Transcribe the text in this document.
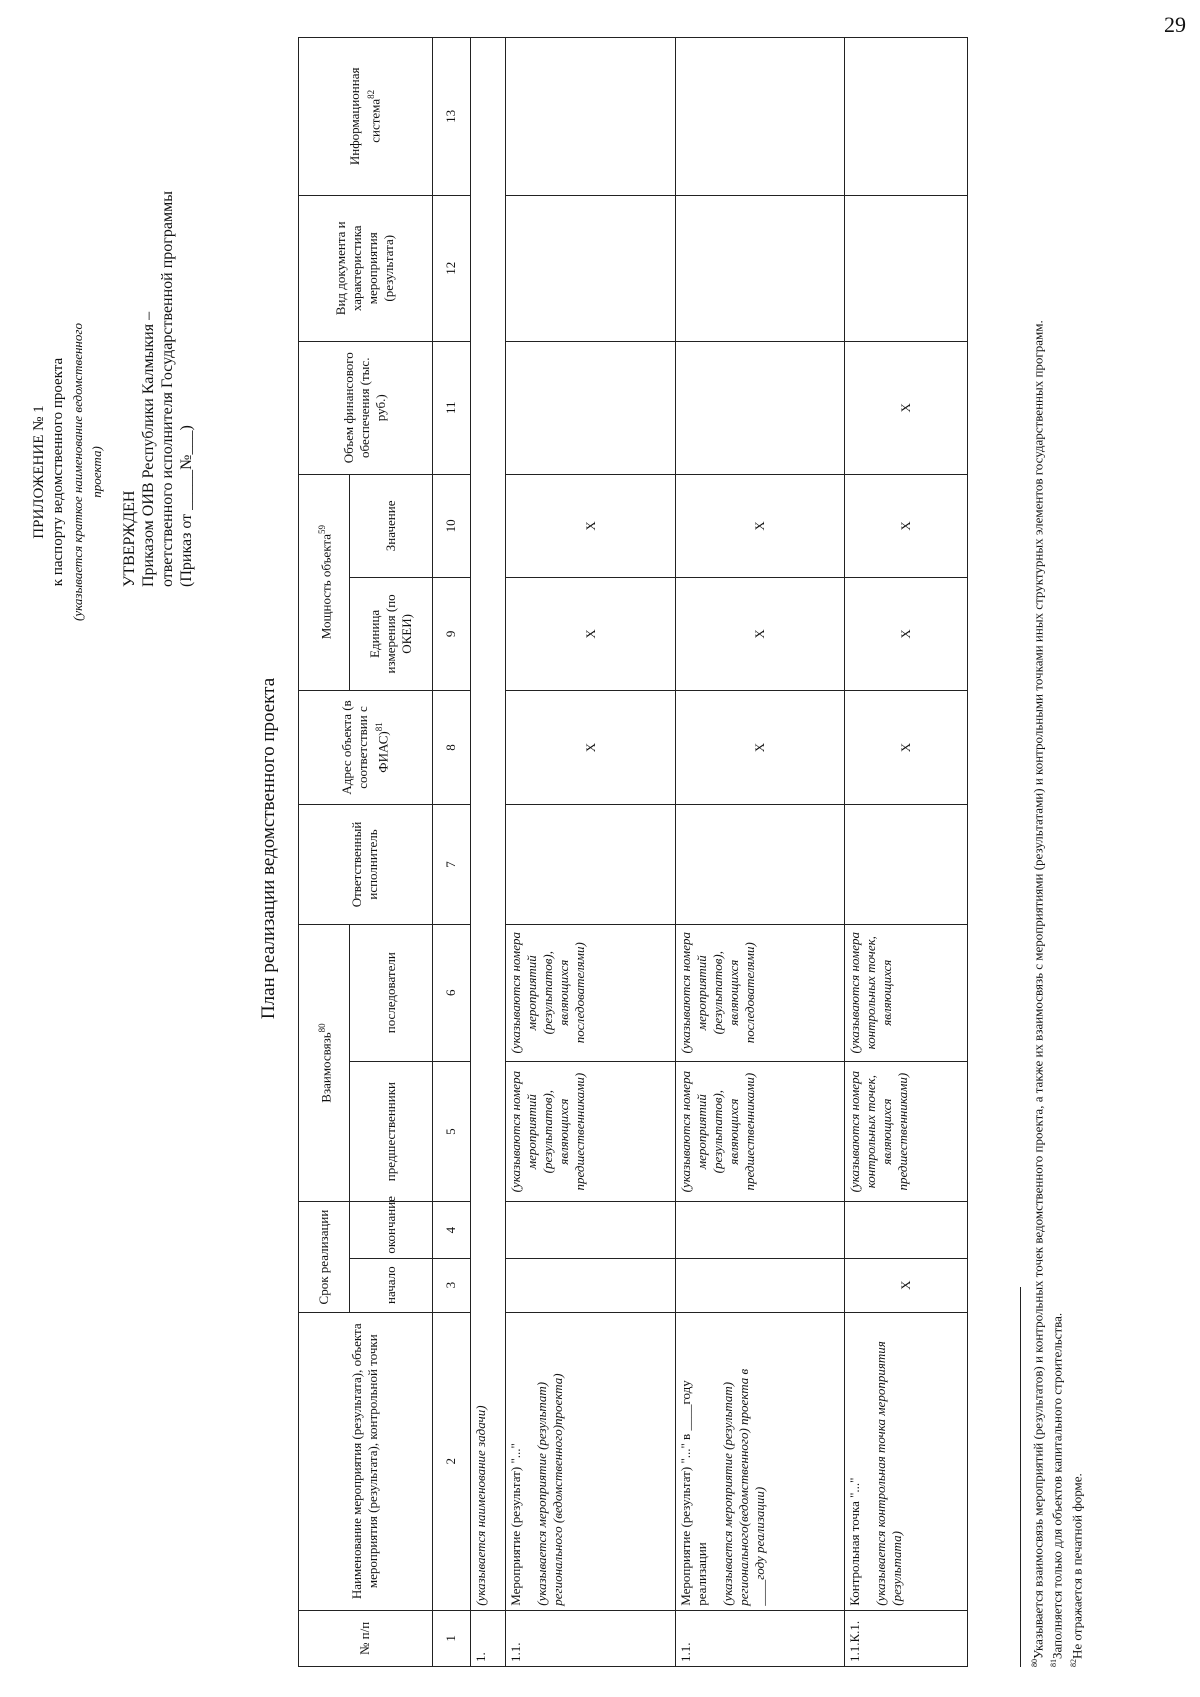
29
ПРИЛОЖЕНИЕ № 1 к паспорту ведомственного проекта (указывается краткое наименование ведомственного проекта)
УТВЕРЖДЕН Приказом ОИВ Республики Калмыкия – ответственного исполнителя Государственной программы (Приказ от _____№___)
План реализации ведомственного проекта
№ п/п	Наименование мероприятия (результата), объекта мероприятия (результата), контрольной точки	Срок реализации		Взаимосвязь$^{80}$		Ответственный исполнитель	Адрес объекта (в соответствии с ФИАС)$^{81}$	Мощность объекта$^{59}$		Объем финансового обеспечения (тыс. руб.)	Вид документа и характеристика мероприятия (результата)	Информационная система$^{82}$
		начало	окончание	предшественники	последователи			Единица измерения (по ОКЕИ)	Значение			
1	2	3	4	5	6	7	8	9	10	11	12	13
1.	(указывается наименование задачи)											
1.1.	Мероприятие (результат) "..." (указывается мероприятие (результат) регионального (ведомственного)проекта)			(указываются номера мероприятий (результатов), являющихся предшественниками)	(указываются номера мероприятий (результатов), являющихся последователями)		X	X	X			
1.1.	Мероприятие (результат) "..." в ____году реализации (указывается мероприятие (результат) регионального(ведомственного) проекта в ____году реализации)			(указываются номера мероприятий (результатов), являющихся предшественниками)	(указываются номера мероприятий (результатов), являющихся последователями)		X	X	X			
1.1.К.1.	Контрольная точка "..." (указывается контрольная точка мероприятия (результата)	X		(указываются номера контрольных точек, являющихся предшественниками)	(указываются номера контрольных точек, являющихся		X	X	X	X		
$^{80}$Указывается взаимосвязь мероприятий (результатов) и контрольных точек ведомственного проекта, а также их взаимосвязь с мероприятиями (результатами) и контрольными точками иных структурных элементов государственных программ.
$^{81}$Заполняется только для объектов капитального строительства.
$^{82}$Не отражается в печатной форме.
